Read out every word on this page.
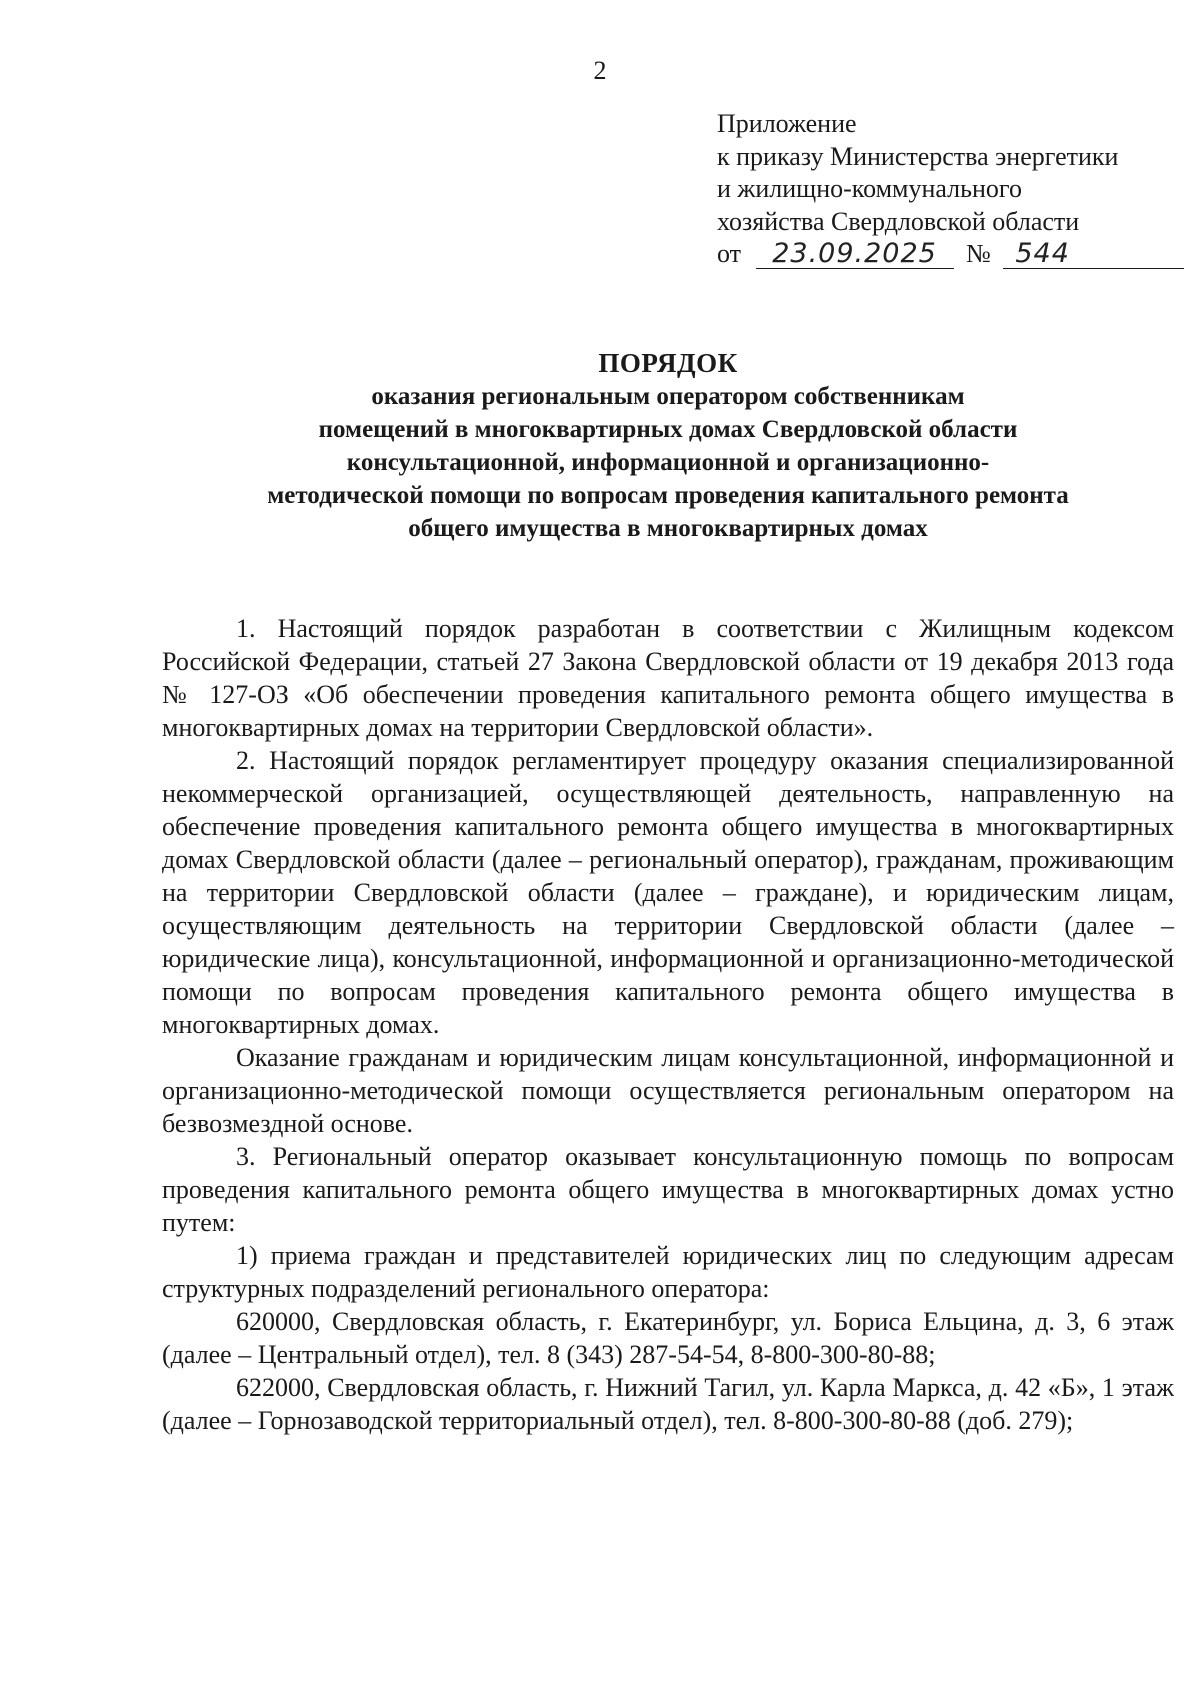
2
Приложение
к приказу Министерства энергетики
и жилищно-коммунального
хозяйства Свердловской области
от 23.09.2025 № 544
ПОРЯДОК
оказания региональным оператором собственникам
помещений в многоквартирных домах Свердловской области
консультационной, информационной и организационно-
методической помощи по вопросам проведения капитального ремонта
общего имущества в многоквартирных домах

1. Настоящий порядок разработан в соответствии с Жилищным кодексом Российской Федерации, статьей 27 Закона Свердловской области от 19 декабря 2013 года № 127-ОЗ «Об обеспечении проведения капитального ремонта общего имущества в многоквартирных домах на территории Свердловской области».

2. Настоящий порядок регламентирует процедуру оказания специализированной некоммерческой организацией, осуществляющей деятельность, направленную на обеспечение проведения капитального ремонта общего имущества в многоквартирных домах Свердловской области (далее – региональный оператор), гражданам, проживающим на территории Свердловской области (далее – граждане), и юридическим лицам, осуществляющим деятельность на территории Свердловской области (далее – юридические лица), консультационной, информационной и организационно-методической помощи по вопросам проведения капитального ремонта общего имущества в многоквартирных домах.

Оказание гражданам и юридическим лицам консультационной, информационной и организационно-методической помощи осуществляется региональным оператором на безвозмездной основе.

3. Региональный оператор оказывает консультационную помощь по вопросам проведения капитального ремонта общего имущества в многоквартирных домах устно путем:

1) приема граждан и представителей юридических лиц по следующим адресам структурных подразделений регионального оператора:

620000, Свердловская область, г. Екатеринбург, ул. Бориса Ельцина, д. 3, 6 этаж (далее – Центральный отдел), тел. 8 (343) 287-54-54, 8-800-300-80-88;

622000, Свердловская область, г. Нижний Тагил, ул. Карла Маркса, д. 42 «Б», 1 этаж (далее – Горнозаводской территориальный отдел), тел. 8-800-300-80-88 (доб. 279);
